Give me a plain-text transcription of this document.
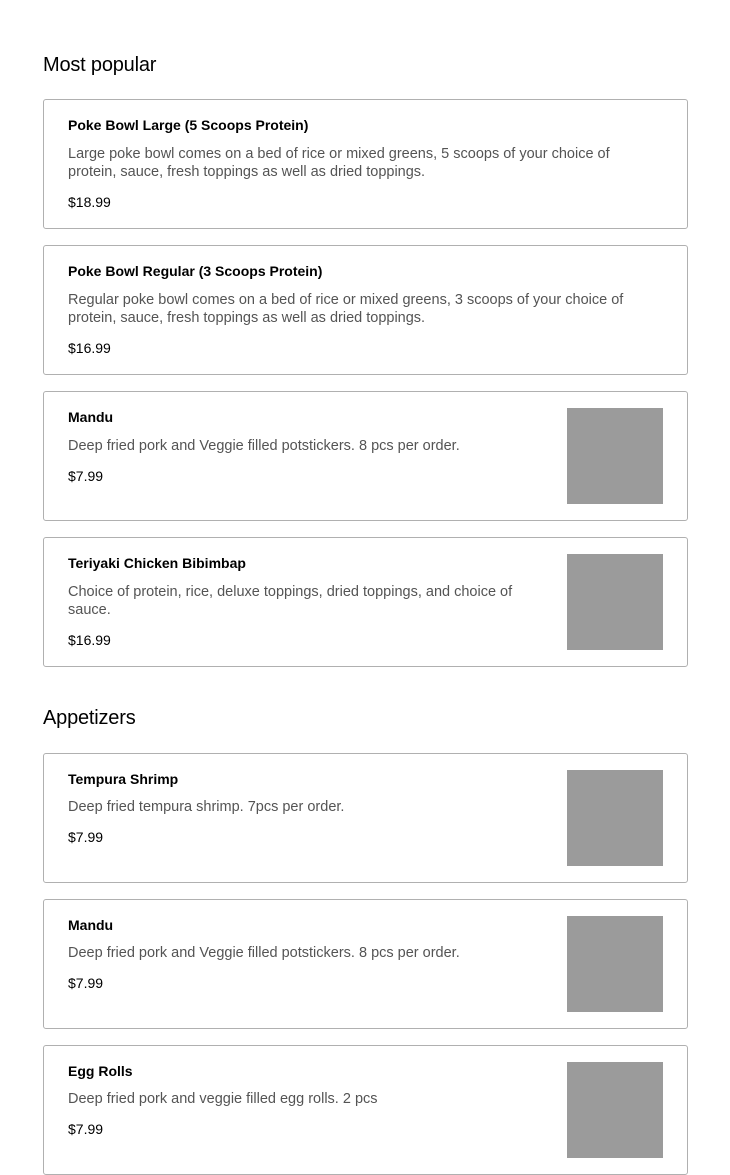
Most popular
Poke Bowl Large (5 Scoops Protein)
Large poke bowl comes on a bed of rice or mixed greens, 5 scoops of your choice of protein, sauce, fresh toppings as well as dried toppings.
$18.99
Poke Bowl Regular (3 Scoops Protein)
Regular poke bowl comes on a bed of rice or mixed greens, 3 scoops of your choice of protein, sauce, fresh toppings as well as dried toppings.
$16.99
Mandu
Deep fried pork and Veggie filled potstickers. 8 pcs per order.
$7.99
Teriyaki Chicken Bibimbap
Choice of protein, rice, deluxe toppings, dried toppings, and choice of sauce.
$16.99
Appetizers
Tempura Shrimp
Deep fried tempura shrimp. 7pcs per order.
$7.99
Mandu
Deep fried pork and Veggie filled potstickers. 8 pcs per order.
$7.99
Egg Rolls
Deep fried pork and veggie filled egg rolls. 2 pcs
$7.99
